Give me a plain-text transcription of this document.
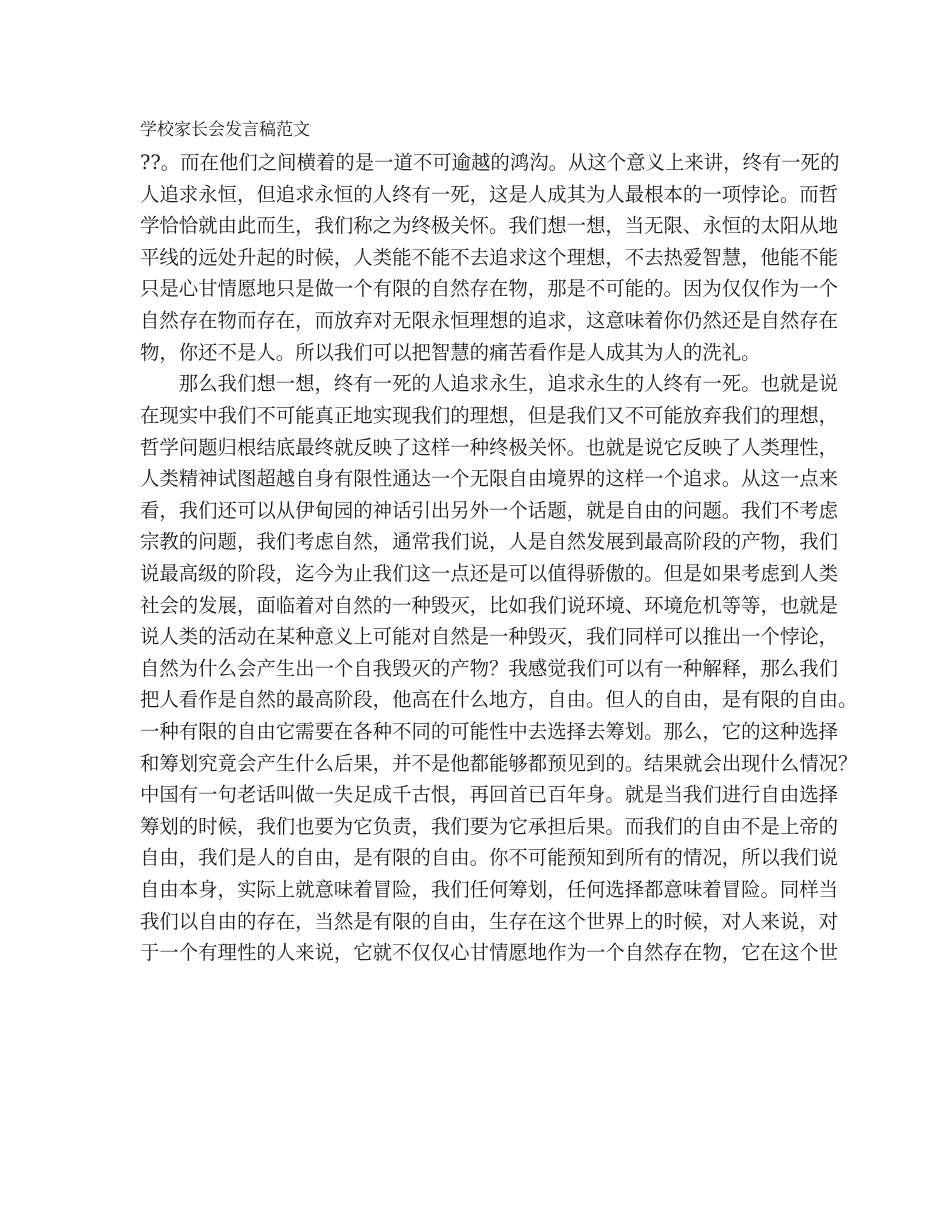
学校家长会发言稿范文
??。而在他们之间横着的是一道不可逾越的鸿沟。从这个意义上来讲，终有一死的
人追求永恒，但追求永恒的人终有一死，这是人成其为人最根本的一项悖论。而哲
学恰恰就由此而生，我们称之为终极关怀。我们想一想，当无限、永恒的太阳从地
平线的远处升起的时候，人类能不能不去追求这个理想，不去热爱智慧，他能不能
只是心甘情愿地只是做一个有限的自然存在物，那是不可能的。因为仅仅作为一个
自然存在物而存在，而放弃对无限永恒理想的追求，这意味着你仍然还是自然存在
物，你还不是人。所以我们可以把智慧的痛苦看作是人成其为人的洗礼。
　　那么我们想一想，终有一死的人追求永生，追求永生的人终有一死。也就是说
在现实中我们不可能真正地实现我们的理想，但是我们又不可能放弃我们的理想，
哲学问题归根结底最终就反映了这样一种终极关怀。也就是说它反映了人类理性，
人类精神试图超越自身有限性通达一个无限自由境界的这样一个追求。从这一点来
看，我们还可以从伊甸园的神话引出另外一个话题，就是自由的问题。我们不考虑
宗教的问题，我们考虑自然，通常我们说，人是自然发展到最高阶段的产物，我们
说最高级的阶段，迄今为止我们这一点还是可以值得骄傲的。但是如果考虑到人类
社会的发展，面临着对自然的一种毁灭，比如我们说环境、环境危机等等，也就是
说人类的活动在某种意义上可能对自然是一种毁灭，我们同样可以推出一个悖论，
自然为什么会产生出一个自我毁灭的产物？我感觉我们可以有一种解释，那么我们
把人看作是自然的最高阶段，他高在什么地方，自由。但人的自由，是有限的自由。
一种有限的自由它需要在各种不同的可能性中去选择去筹划。那么，它的这种选择
和筹划究竟会产生什么后果，并不是他都能够都预见到的。结果就会出现什么情况？
中国有一句老话叫做一失足成千古恨，再回首已百年身。就是当我们进行自由选择
筹划的时候，我们也要为它负责，我们要为它承担后果。而我们的自由不是上帝的
自由，我们是人的自由，是有限的自由。你不可能预知到所有的情况，所以我们说
自由本身，实际上就意味着冒险，我们任何筹划，任何选择都意味着冒险。同样当
我们以自由的存在，当然是有限的自由，生存在这个世界上的时候，对人来说，对
于一个有理性的人来说，它就不仅仅心甘情愿地作为一个自然存在物，它在这个世
